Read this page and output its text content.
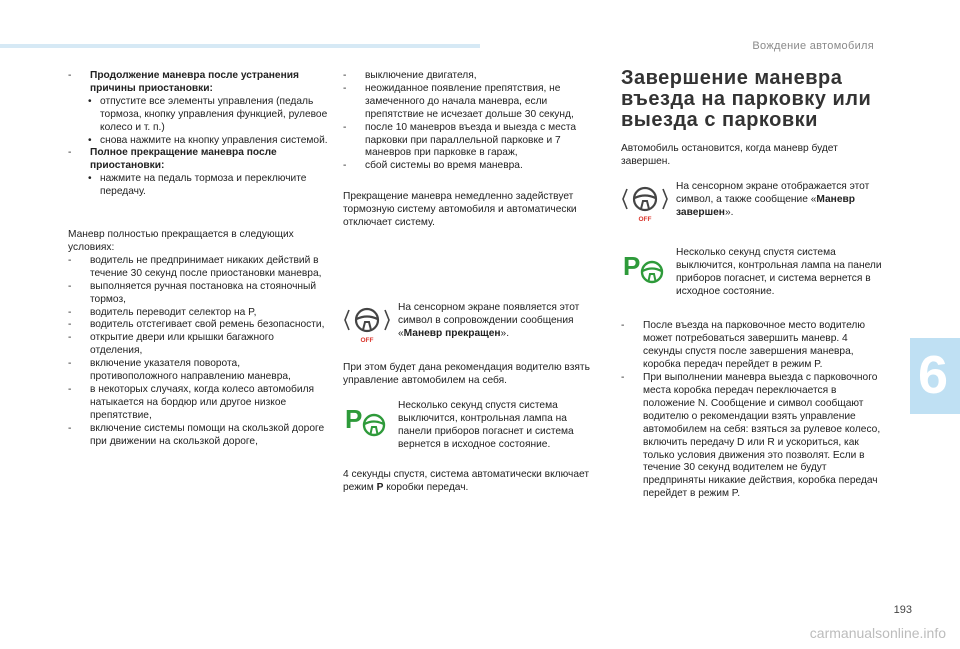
Вождение автомобиля
6
- Продолжение маневра после устранения причины приостановки:
• отпустите все элементы управления (педаль тормоза, кнопку управления функцией, рулевое колесо и т. п.)
• снова нажмите на кнопку управления системой.
- Полное прекращение маневра после приостановки:
• нажмите на педаль тормоза и переключите передачу.

Маневр полностью прекращается в следующих условиях:

- водитель не предпринимает никаких действий в течение 30 секунд после приостановки маневра,
- выполняется ручная постановка на стояночный тормоз,
- водитель переводит селектор на P,
- водитель отстегивает свой ремень безопасности,
- открытие двери или крышки багажного отделения,
- включение указателя поворота, противоположного направлению маневра,
- в некоторых случаях, когда колесо автомобиля натыкается на бордюр или другое низкое препятствие,
- включение системы помощи на скользкой дороге при движении на скользкой дороге,
- выключение двигателя,
- неожиданное появление препятствия, не замеченного до начала маневра, если препятствие не исчезает дольше 30 секунд,
- после 10 маневров въезда и выезда с места парковки при параллельной парковке и 7 маневров при парковке в гараж,
- сбой системы во время маневра.

Прекращение маневра немедленно задействует тормозную систему автомобиля и автоматически отключает систему.

OFF

На сенсорном экране появляется этот символ в сопровождении сообщения «Маневр прекращен».

При этом будет дана рекомендация водителю взять управление автомобилем на себя.

P	Несколько секунд спустя система выключится, контрольная лампа на панели приборов погаснет и система вернется в исходное состояние.

4 секунды спустя, система автоматически включает режим P коробки передач.

Завершение маневра въезда на парковку или выезда с парковки

Автомобиль остановится, когда маневр будет завершен.

OFF

На сенсорном экране отображается этот символ, а также сообщение «Маневр завершен».

P	Несколько секунд спустя система выключится, контрольная лампа на панели приборов погаснет, и система вернется в исходное состояние.

- После въезда на парковочное место водителю может потребоваться завершить маневр. 4 секунды спустя после завершения маневра, коробка передач перейдет в режим P.
- При выполнении маневра выезда с парковочного места коробка передач переключается в положение N. Сообщение и символ сообщают водителю о рекомендации взять управление автомобилем на себя: взяться за рулевое колесо, включить передачу D или R и ускориться, как только условия движения это позволят. Если в течение 30 секунд водителем не будут предприняты никакие действия, коробка передач перейдет в режим P.
193
carmanualsonline.info
